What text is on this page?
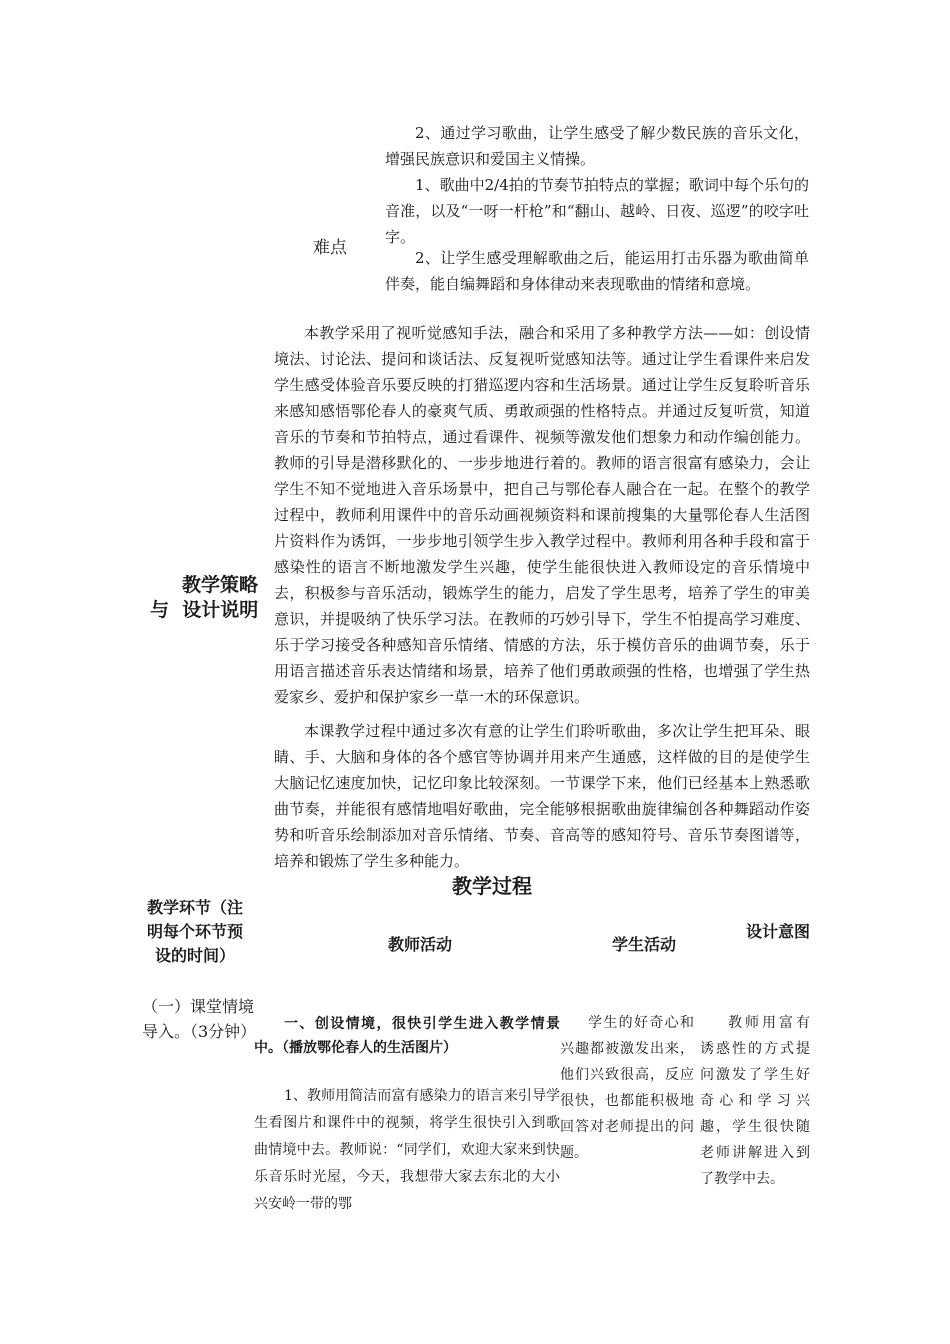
2、通过学习歌曲，让学生感受了解少数民族的音乐文化，增强民族意识和爱国主义情操。

难点

1、歌曲中2/4拍的节奏节拍特点的掌握；歌词中每个乐句的音准，以及“一呀一杆枪”和“翻山、越岭、日夜、巡逻”的咬字吐字。

2、让学生感受理解歌曲之后，能运用打击乐器为歌曲简单伴奏，能自编舞蹈和身体律动来表现歌曲的情绪和意境。

教学策略
与  设计说明

本教学采用了视听觉感知手法，融合和采用了多种教学方法——如：创设情境法、讨论法、提问和谈话法、反复视听觉感知法等。通过让学生看课件来启发学生感受体验音乐要反映的打猎巡逻内容和生活场景。通过让学生反复聆听音乐来感知感悟鄂伦春人的豪爽气质、勇敢顽强的性格特点。并通过反复听赏，知道音乐的节奏和节拍特点，通过看课件、视频等激发他们想象力和动作编创能力。教师的引导是潜移默化的、一步步地进行着的。教师的语言很富有感染力，会让学生不知不觉地进入音乐场景中，把自己与鄂伦春人融合在一起。在整个的教学过程中，教师利用课件中的音乐动画视频资料和课前搜集的大量鄂伦春人生活图片资料作为诱饵，一步步地引领学生步入教学过程中。教师利用各种手段和富于感染性的语言不断地激发学生兴趣，使学生能很快进入教师设定的音乐情境中去，积极参与音乐活动，锻炼学生的能力，启发了学生思考，培养了学生的审美意识，并提吸纳了快乐学习法。在教师的巧妙引导下，学生不怕提高学习难度、乐于学习接受各种感知音乐情绪、情感的方法，乐于模仿音乐的曲调节奏，乐于用语言描述音乐表达情绪和场景，培养了他们勇敢顽强的性格，也增强了学生热爱家乡、爱护和保护家乡一草一木的环保意识。

本课教学过程中通过多次有意的让学生们聆听歌曲，多次让学生把耳朵、眼睛、手、大脑和身体的各个感官等协调并用来产生通感，这样做的目的是使学生大脑记忆速度加快，记忆印象比较深刻。一节课学下来，他们已经基本上熟悉歌曲节奏，并能很有感情地唱好歌曲，完全能够根据歌曲旋律编创各种舞蹈动作姿势和听音乐绘制添加对音乐情绪、节奏、音高等的感知符号、音乐节奏图谱等，培养和锻炼了学生多种能力。

教学过程
教学环节（注明每个环节预设的时间）
教师活动	学生活动
设计意图
（一）课堂情境导入。（3分钟）	一、创设情境，很快引学生进入教学情景中。（播放鄂伦春人的生活图片）

1、教师用简洁而富有感染力的语言来引导学生看图片和课件中的视频，将学生很快引入到歌曲情境中去。教师说：“同学们，欢迎大家来到快乐音乐时光屋，今天，我想带大家去东北的大小兴安岭一带的鄂

学生的好奇心和兴趣都被激发出来，他们兴致很高，反应很快，也都能积极地回答对老师提出的问题。

教师用富有诱惑性的方式提问激发了学生好奇心和学习兴趣，学生很快随老师讲解进入到了教学中去。
